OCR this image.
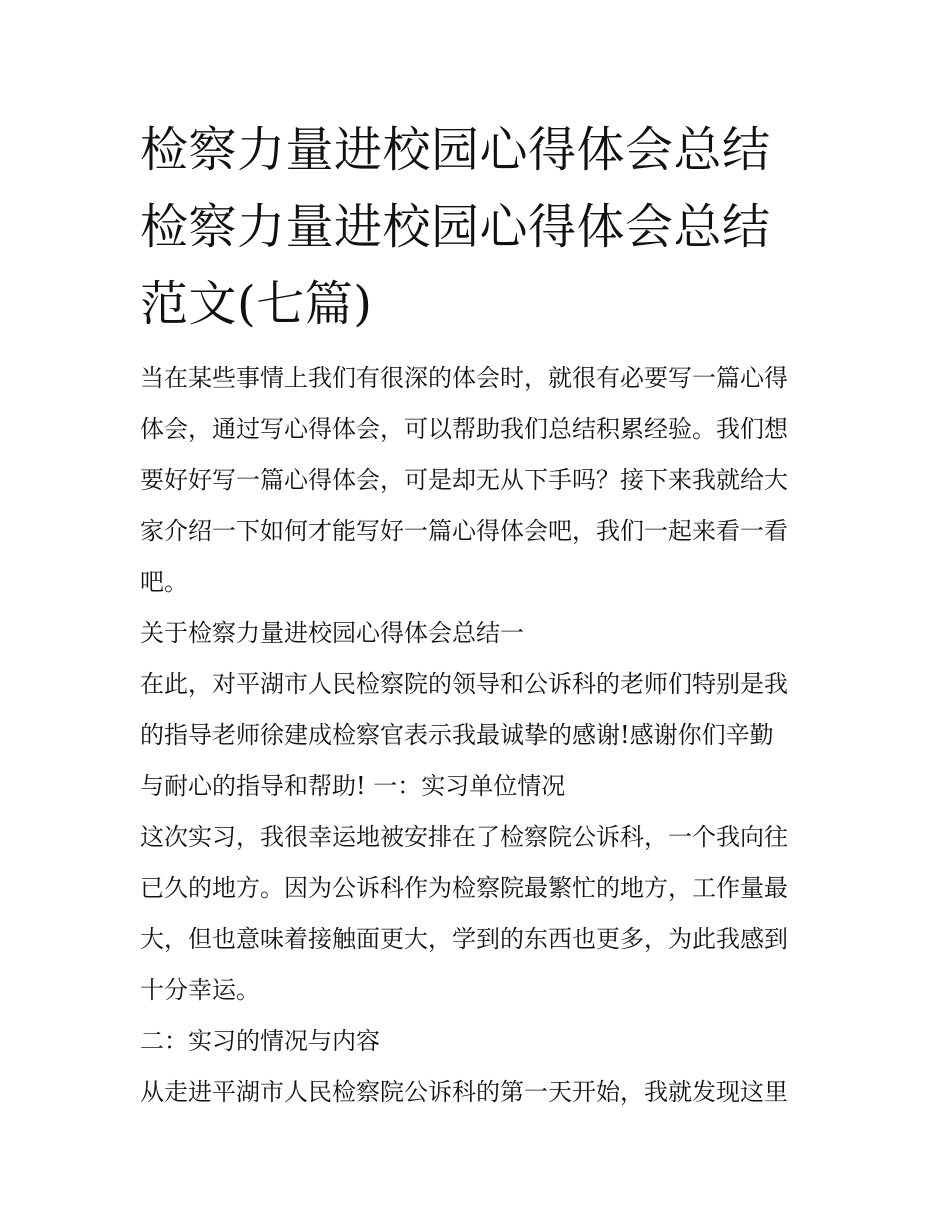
检察力量进校园心得体会总结
检察力量进校园心得体会总结
范文(七篇)
当在某些事情上我们有很深的体会时，就很有必要写一篇心得
体会，通过写心得体会，可以帮助我们总结积累经验。我们想
要好好写一篇心得体会，可是却无从下手吗？接下来我就给大
家介绍一下如何才能写好一篇心得体会吧，我们一起来看一看
吧。
关于检察力量进校园心得体会总结一
在此，对平湖市人民检察院的领导和公诉科的老师们特别是我
的指导老师徐建成检察官表示我最诚挚的感谢!感谢你们辛勤
与耐心的指导和帮助! 一：实习单位情况
这次实习，我很幸运地被安排在了检察院公诉科，一个我向往
已久的地方。因为公诉科作为检察院最繁忙的地方，工作量最
大，但也意味着接触面更大，学到的东西也更多，为此我感到
十分幸运。
二：实习的情况与内容
从走进平湖市人民检察院公诉科的第一天开始，我就发现这里
